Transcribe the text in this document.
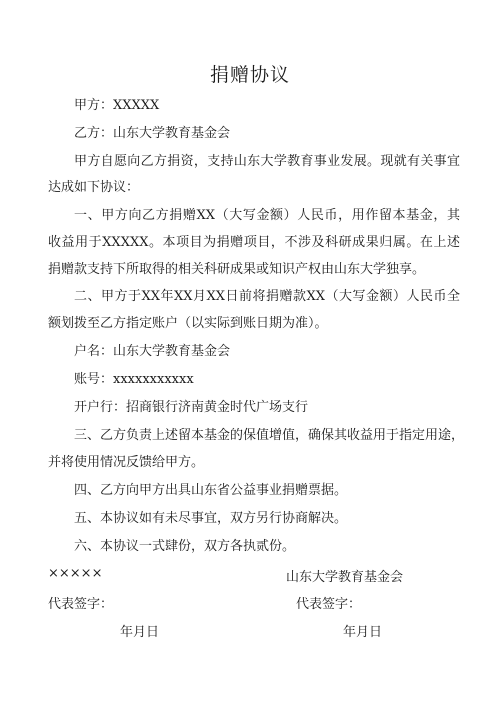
捐赠协议
甲方：XXXXX
乙方：山东大学教育基金会
甲方自愿向乙方捐资，支持山东大学教育事业发展。现就有关事宜
达成如下协议：
一、甲方向乙方捐赠XX（大写金额）人民币，用作留本基金，其
收益用于XXXXX。本项目为捐赠项目，不涉及科研成果归属。在上述
捐赠款支持下所取得的相关科研成果或知识产权由山东大学独享。
二、甲方于XX年XX月XX日前将捐赠款XX（大写金额）人民币全
额划拨至乙方指定账户（以实际到账日期为准）。
户名：山东大学教育基金会
账号：xxxxxxxxxxx
开户行：招商银行济南黄金时代广场支行
三、乙方负责上述留本基金的保值增值，确保其收益用于指定用途，
并将使用情况反馈给甲方。
四、乙方向甲方出具山东省公益事业捐赠票据。
五、本协议如有未尽事宜，双方另行协商解决。
六、本协议一式肆份，双方各执贰份。
×××××	山东大学教育基金会
代表签字：	代表签字：
年月日	年月日
